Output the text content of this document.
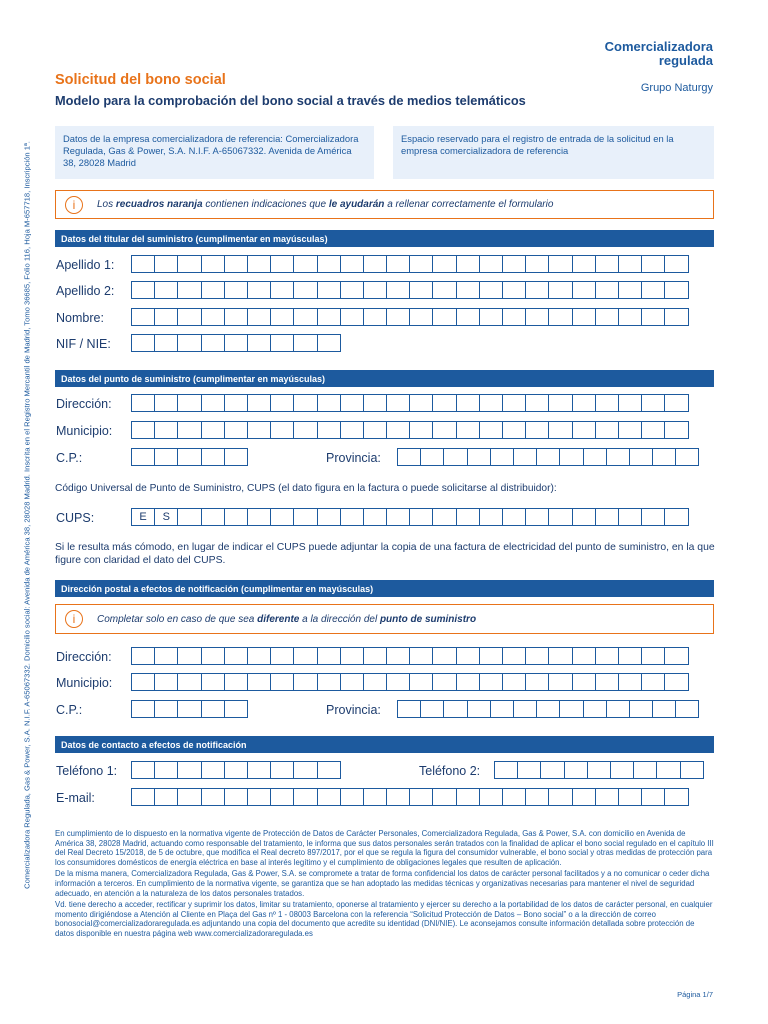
Comercializadora Regulada, Gas & Power, S.A. N.I.F. A-65067332. Domicilio social: Avenida de América 38, 28028 Madrid. Inscrita en el Registro Mercantil de Madrid, Tomo 36685, Folio 116, Hoja M-657718, Inscripción 1ª.
Comercializadora
regulada
Grupo Naturgy
Solicitud del bono social
Modelo para la comprobación del bono social a través de medios telemáticos
Datos de la empresa comercializadora de referencia: Comercializadora Regulada, Gas & Power, S.A. N.I.F. A-65067332. Avenida de América 38, 28028 Madrid
Espacio reservado para el registro de entrada de la solicitud en la empresa comercializadora de referencia
i	Los recuadros naranja contienen indicaciones que le ayudarán a rellenar correctamente el formulario
Datos del titular del suministro (cumplimentar en mayúsculas)
Apellido 1:
Apellido 2:
Nombre:
NIF / NIE:
Datos del punto de suministro (cumplimentar en mayúsculas)
Dirección:
Municipio:
C.P.:	Provincia:
Código Universal de Punto de Suministro, CUPS (el dato figura en la factura o puede solicitarse al distribuidor):
CUPS:	E	S
Si le resulta más cómodo, en lugar de indicar el CUPS puede adjuntar la copia de una factura de electricidad del punto de suministro, en la que figure con claridad el dato del CUPS.
Dirección postal a efectos de notificación (cumplimentar en mayúsculas)
i	Completar solo en caso de que sea diferente a la dirección del punto de suministro
Dirección:
Municipio:
C.P.:	Provincia:
Datos de contacto a efectos de notificación
Teléfono 1:	Teléfono 2:
E-mail:

En cumplimiento de lo dispuesto en la normativa vigente de Protección de Datos de Carácter Personales, Comercializadora Regulada, Gas & Power, S.A. con domicilio en Avenida de América 38, 28028 Madrid, actuando como responsable del tratamiento, le informa que sus datos personales serán tratados con la finalidad de aplicar el bono social regulado en el capítulo III del Real Decreto 15/2018, de 5 de octubre, que modifica el Real decreto 897/2017, por el que se regula la figura del consumidor vulnerable, el bono social y otras medidas de protección para los consumidores domésticos de energía eléctrica en base al interés legítimo y el cumplimiento de obligaciones legales que resulten de aplicación.

De la misma manera, Comercializadora Regulada, Gas & Power, S.A. se compromete a tratar de forma confidencial los datos de carácter personal facilitados y a no comunicar o ceder dicha información a terceros. En cumplimiento de la normativa vigente, se garantiza que se han adoptado las medidas técnicas y organizativas necesarias para mantener el nivel de seguridad adecuado, en atención a la naturaleza de los datos personales tratados.

Vd. tiene derecho a acceder, rectificar y suprimir los datos, limitar su tratamiento, oponerse al tratamiento y ejercer su derecho a la portabilidad de los datos de carácter personal, en cualquier momento dirigiéndose a Atención al Cliente en Plaça del Gas nº 1 - 08003 Barcelona con la referencia “Solicitud Protección de Datos – Bono social” o a la dirección de correo bonosocial@comercializadoraregulada.es adjuntando una copia del documento que acredite su identidad (DNI/NIE). Le aconsejamos consulte información detallada sobre protección de datos disponible en nuestra página web www.comercializadoraregulada.es

Página 1/7
